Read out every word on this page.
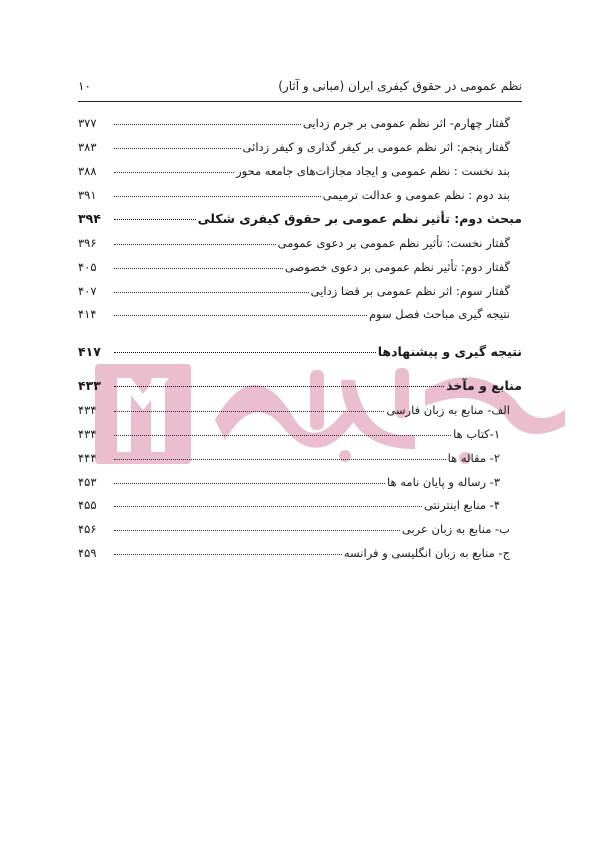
نظم عمومی در حقوق کیفری ایران (مبانی و آثار)
۱۰
گفتار چهارم- اثر نظم عمومی بر جرم زدایی
۳۷۷
گفتار پنجم: اثر نظم عمومی بر کیفر گذاری و کیفر زدائی
۳۸۳
بند نخست : نظم عمومی و ایجاد مجازات‌های جامعه محور
۳۸۸
بند دوم : نظم عمومی و عدالت ترمیمی
۳۹۱
مبحث دوم: تأثیر نظم عمومی بر حقوق کیفری شکلی
۳۹۴
گفتار نخست: تأثیر نظم عمومی بر دعوی عمومی
۳۹۶
گفتار دوم: تأثیر نظم عمومی بر دعوی خصوصی
۴۰۵
گفتار سوم: اثر نظم عمومی بر قضا زدایی
۴۰۷
نتیجه گیری مباحث فصل سوم
۴۱۴
نتیجه گیری و پیشنهادها
۴۱۷
منابع و مآخذ
۴۳۳
الف- منابع به زبان فارسی
۴۳۴
۱-کتاب ها
۴۳۴
۲- مقاله ها
۴۴۴
۳- رساله و پایان نامه ها
۴۵۳
۴- منابع اینترنتی
۴۵۵
ب- منابع به زبان عربی
۴۵۶
ج- منابع به زبان انگلیسی و فرانسه
۴۵۹
